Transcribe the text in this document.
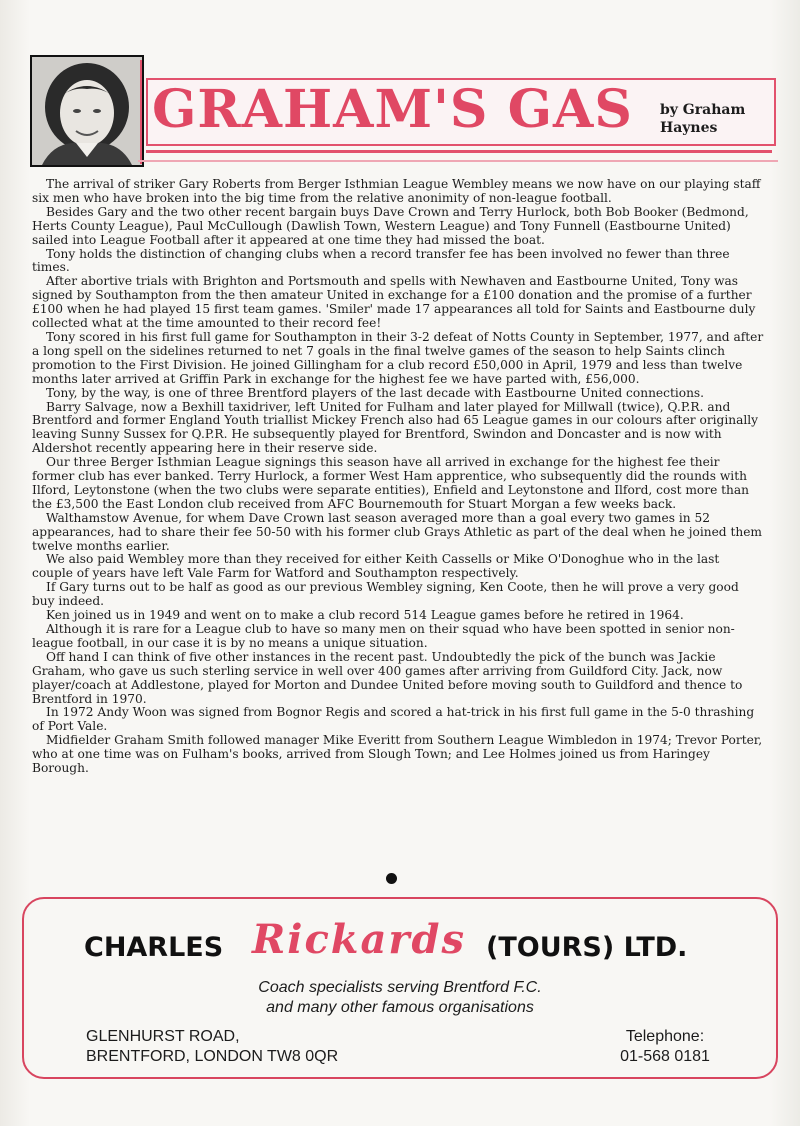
GRAHAM'S GAS	by Graham
Haynes

The arrival of striker Gary Roberts from Berger Isthmian League Wembley means we now have on our playing staff six men who have broken into the big time from the relative anonimity of non-league football.

Besides Gary and the two other recent bargain buys Dave Crown and Terry Hurlock, both Bob Booker (Bedmond, Herts County League), Paul McCullough (Dawlish Town, Western League) and Tony Funnell (Eastbourne United) sailed into League Football after it appeared at one time they had missed the boat.

Tony holds the distinction of changing clubs when a record transfer fee has been involved no fewer than three times.

After abortive trials with Brighton and Portsmouth and spells with Newhaven and Eastbourne United, Tony was signed by Southampton from the then amateur United in exchange for a £100 donation and the promise of a further £100 when he had played 15 first team games. 'Smiler' made 17 appearances all told for Saints and Eastbourne duly collected what at the time amounted to their record fee!

Tony scored in his first full game for Southampton in their 3-2 defeat of Notts County in September, 1977, and after a long spell on the sidelines returned to net 7 goals in the final twelve games of the season to help Saints clinch promotion to the First Division. He joined Gillingham for a club record £50,000 in April, 1979 and less than twelve months later arrived at Griffin Park in exchange for the highest fee we have parted with, £56,000.

Tony, by the way, is one of three Brentford players of the last decade with Eastbourne United connections.

Barry Salvage, now a Bexhill taxidriver, left United for Fulham and later played for Millwall (twice), Q.P.R. and Brentford and former England Youth triallist Mickey French also had 65 League games in our colours after originally leaving Sunny Sussex for Q.P.R. He subsequently played for Brentford, Swindon and Doncaster and is now with Aldershot recently appearing here in their reserve side.

Our three Berger Isthmian League signings this season have all arrived in exchange for the highest fee their former club has ever banked. Terry Hurlock, a former West Ham apprentice, who subsequently did the rounds with Ilford, Leytonstone (when the two clubs were separate entities), Enfield and Leytonstone and Ilford, cost more than the £3,500 the East London club received from AFC Bournemouth for Stuart Morgan a few weeks back.

Walthamstow Avenue, for whem Dave Crown last season averaged more than a goal every two games in 52 appearances, had to share their fee 50-50 with his former club Grays Athletic as part of the deal when he joined them twelve months earlier.

We also paid Wembley more than they received for either Keith Cassells or Mike O'Donoghue who in the last couple of years have left Vale Farm for Watford and Southampton respectively.

If Gary turns out to be half as good as our previous Wembley signing, Ken Coote, then he will prove a very good buy indeed.

Ken joined us in 1949 and went on to make a club record 514 League games before he retired in 1964.

Although it is rare for a League club to have so many men on their squad who have been spotted in senior non-league football, in our case it is by no means a unique situation.

Off hand I can think of five other instances in the recent past. Undoubtedly the pick of the bunch was Jackie Graham, who gave us such sterling service in well over 400 games after arriving from Guildford City. Jack, now player/coach at Addlestone, played for Morton and Dundee United before moving south to Guildford and thence to Brentford in 1970.

In 1972 Andy Woon was signed from Bognor Regis and scored a hat-trick in his first full game in the 5-0 thrashing of Port Vale.

Midfielder Graham Smith followed manager Mike Everitt from Southern League Wimbledon in 1974; Trevor Porter, who at one time was on Fulham's books, arrived from Slough Town; and Lee Holmes joined us from Haringey Borough.

CHARLES Rickards (TOURS) LTD.
Coach specialists serving Brentford F.C.
and many other famous organisations
GLENHURST ROAD,
BRENTFORD, LONDON TW8 0QR
Telephone:
01-568 0181
